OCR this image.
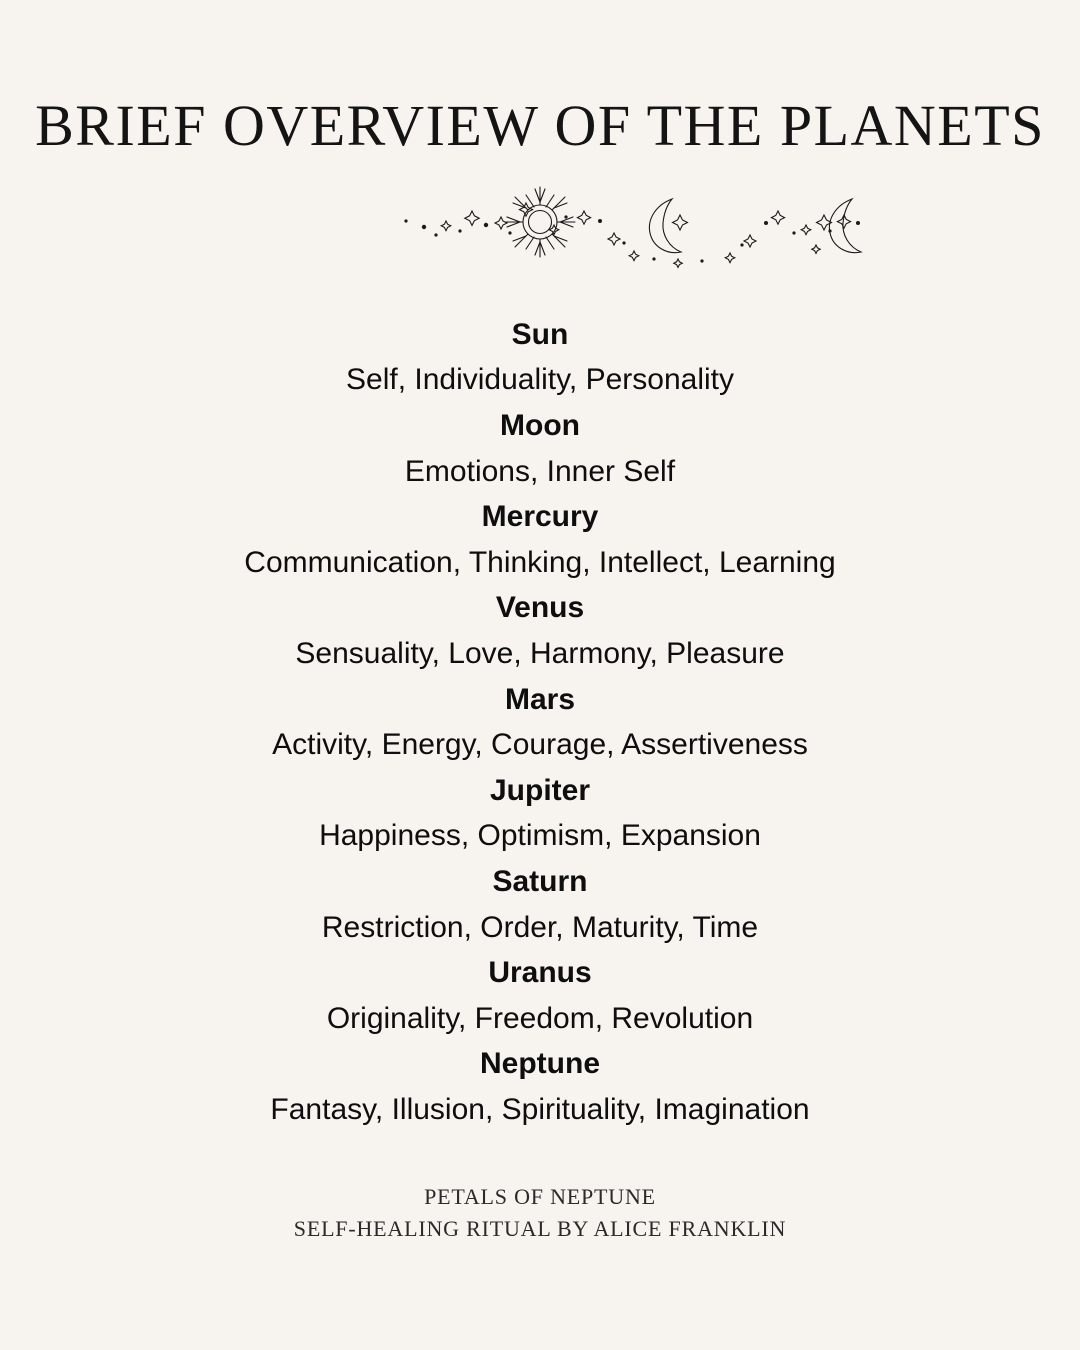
BRIEF OVERVIEW OF THE PLANETS
Sun
Self, Individuality, Personality
Moon
Emotions, Inner Self
Mercury
Communication, Thinking, Intellect, Learning
Venus
Sensuality, Love, Harmony, Pleasure
Mars
Activity, Energy, Courage, Assertiveness
Jupiter
Happiness, Optimism, Expansion
Saturn
Restriction, Order, Maturity, Time
Uranus
Originality, Freedom, Revolution
Neptune
Fantasy, Illusion, Spirituality, Imagination
PETALS OF NEPTUNE
SELF-HEALING RITUAL BY ALICE FRANKLIN
